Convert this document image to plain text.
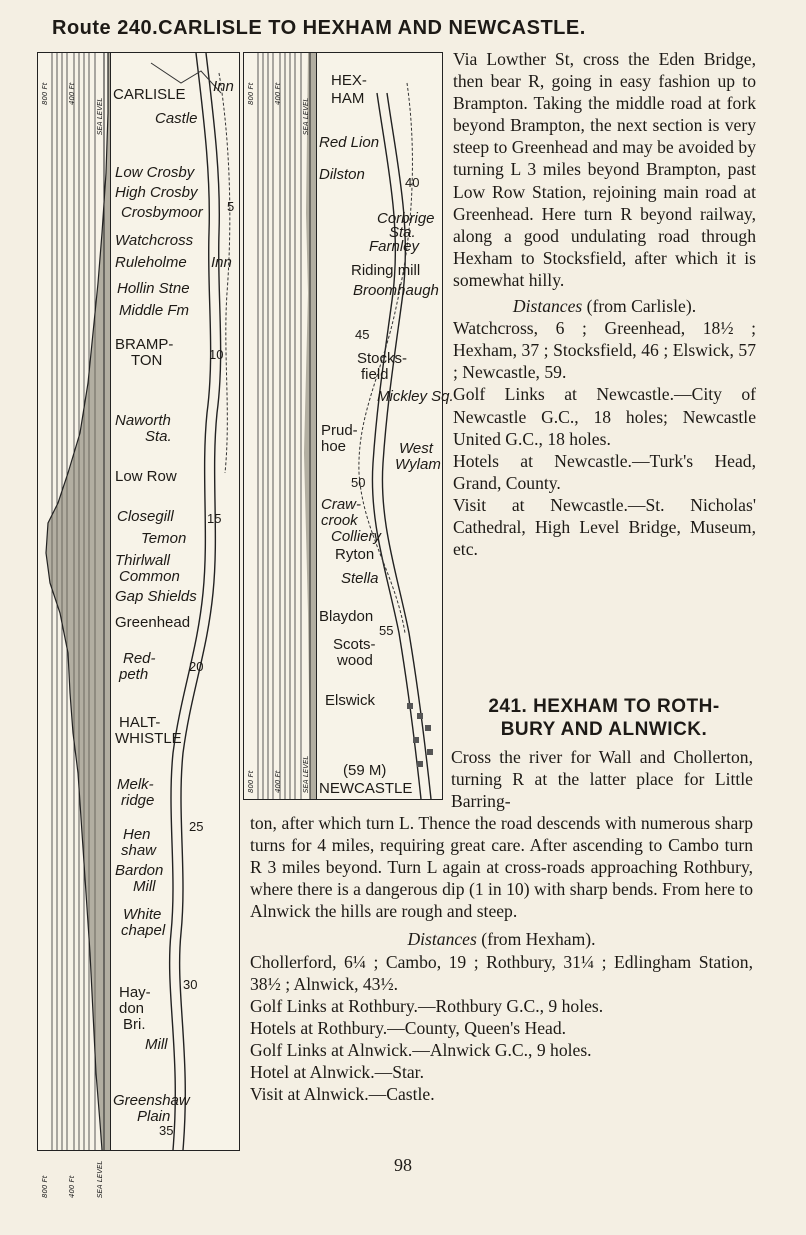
Route 240.CARLISLE TO HEXHAM AND NEWCASTLE.
800 Ft	400 Ft
SEA LEVEL
800 Ft	400 Ft	SEA LEVEL
CARLISLE Inn
Castle
Low Crosby
High Crosby
Crosbymoor
Watchcross
Ruleholme Inn
Hollin Stne
Middle Fm
BRAMP-
TON
Naworth
Sta.
Low Row
Closegill
Temon
Thirlwall
Common
Gap Shields
Greenhead
Red-
peth
HALT-
WHISTLE
Melk-
ridge
Hen
shaw
Bardon
Mill
White
chapel
Hay-
don
Bri.
Mill
Greenshaw
Plain
5
10
15
20
25
30
35
800 Ft	400 Ft
SEA LEVEL
800 Ft	400 Ft	SEA LEVEL
HEX-
HAM
Red Lion
Dilston
Corbrige
Sta.
Farnley
Riding mill
Broomhaugh
Stocks-
field
Mickley Sq.
Prud-
hoe	West
Wylam
Craw-
crook
Colliery
Ryton
Stella
Blaydon
Scots-
wood
Elswick
(59 M)
NEWCASTLE
40
45
50
55

Via Lowther St, cross the Eden Bridge, then bear R, going in easy fashion up to Brampton. Taking the middle road at fork beyond Brampton, the next section is very steep to Greenhead and may be avoided by turning L 3 miles beyond Brampton, past Low Row Station, rejoining main road at Greenhead. Here turn R beyond railway, along a good undulating road through Hexham to Stocksfield, after which it is somewhat hilly.

Distances (from Carlisle).

Watchcross, 6 ; Greenhead, 18½ ; Hexham, 37 ; Stocksfield, 46 ; Elswick, 57 ; Newcastle, 59.

Golf Links at Newcastle.—City of Newcastle G.C., 18 holes; Newcastle United G.C., 18 holes.

Hotels at Newcastle.—Turk's Head, Grand, County.

Visit at Newcastle.—St. Nicholas' Cathedral, High Level Bridge, Museum, etc.

241. HEXHAM TO ROTH-
BURY AND ALNWICK.

Cross the river for Wall and Chollerton, turning R at the latter place for Little Barring-

ton, after which turn L. Thence the road descends with numerous sharp turns for 4 miles, requiring great care. After ascending to Cambo turn R 3 miles beyond. Turn L again at cross-roads approaching Rothbury, where there is a dangerous dip (1 in 10) with sharp bends. From here to Alnwick the hills are rough and steep.

Distances (from Hexham).

Chollerford, 6¼ ; Cambo, 19 ; Rothbury, 31¼ ; Edlingham Station, 38½ ; Alnwick, 43½.

Golf Links at Rothbury.—Rothbury G.C., 9 holes.

Hotels at Rothbury.—County, Queen's Head.

Golf Links at Alnwick.—Alnwick G.C., 9 holes.

Hotel at Alnwick.—Star.

Visit at Alnwick.—Castle.

98
